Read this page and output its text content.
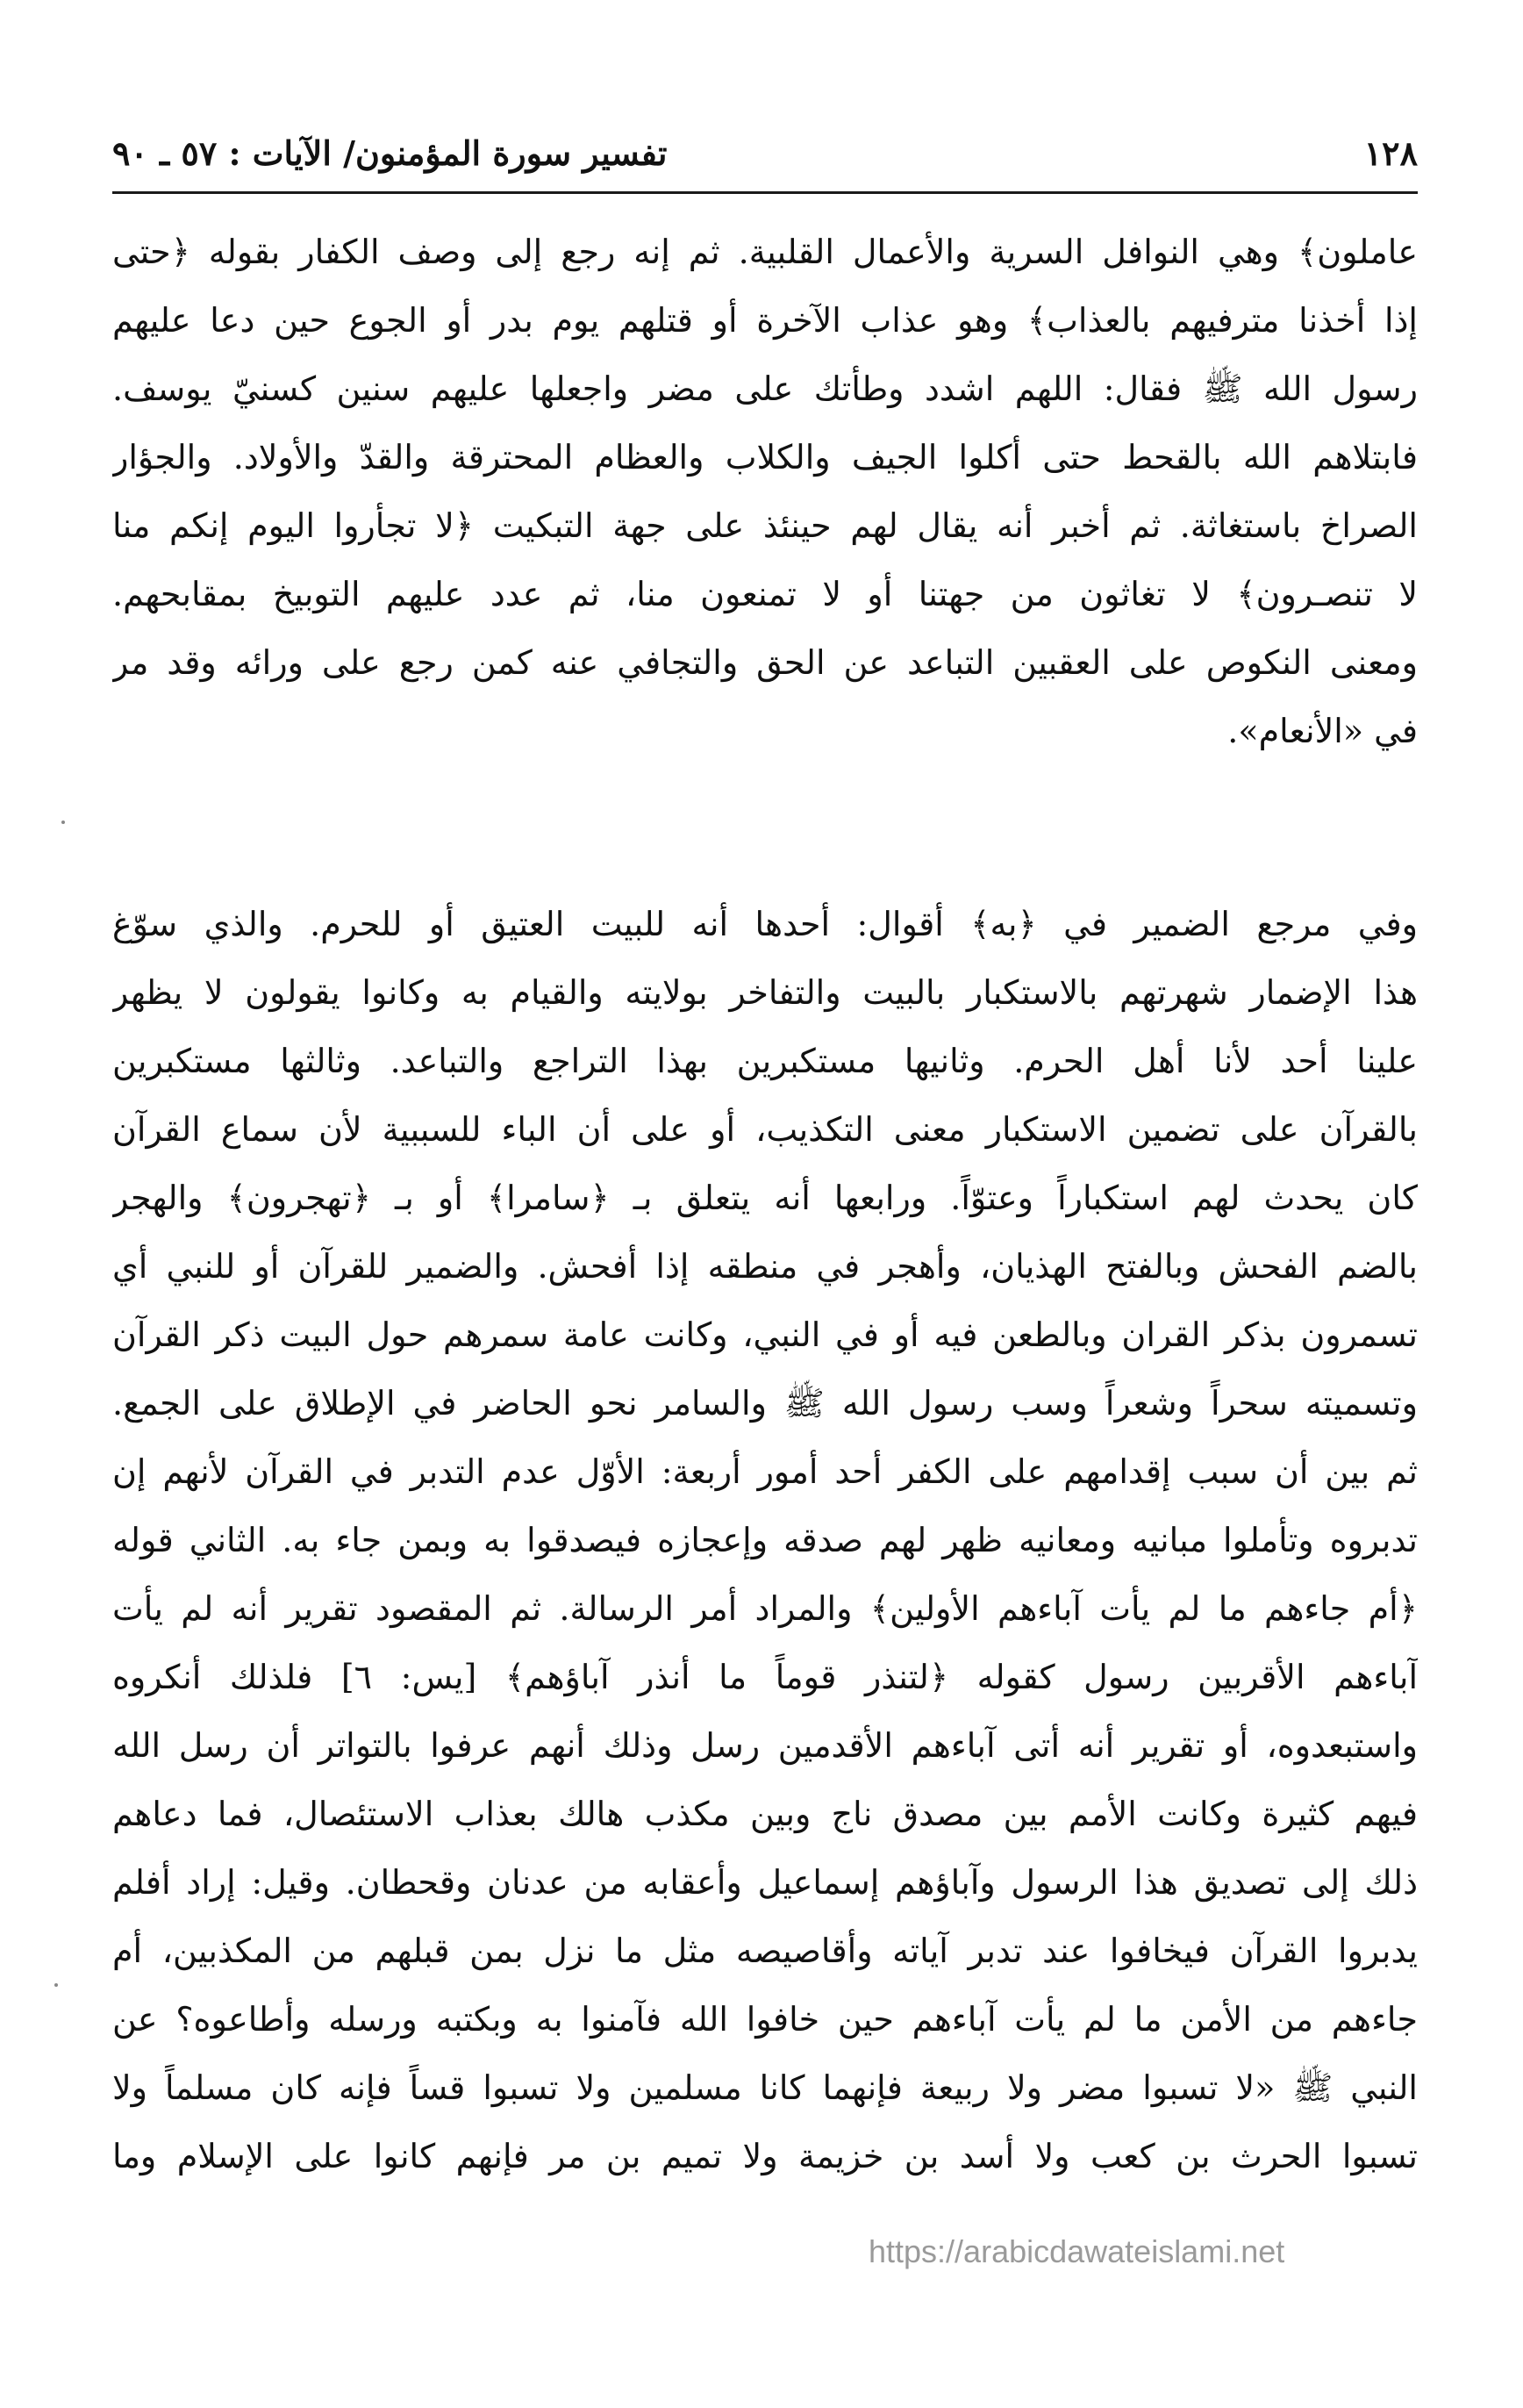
١٢٨
تفسير سورة المؤمنون/ الآيات : ٥٧ ـ ٩٠
عاملون﴾ وهي النوافل السرية والأعمال القلبية. ثم إنه رجع إلى وصف الكفار بقوله ﴿حتى
إذا أخذنا مترفيهم بالعذاب﴾ وهو عذاب الآخرة أو قتلهم يوم بدر أو الجوع حين دعا عليهم
رسول الله ﷺ فقال: اللهم اشدد وطأتك على مضر واجعلها عليهم سنين كسنيّ يوسف.
فابتلاهم الله بالقحط حتى أكلوا الجيف والكلاب والعظام المحترقة والقدّ والأولاد. والجؤار
الصراخ باستغاثة. ثم أخبر أنه يقال لهم حينئذ على جهة التبكيت ﴿لا تجأروا اليوم إنكم منا
لا تنصـرون﴾ لا تغاثون من جهتنا أو لا تمنعون منا، ثم عدد عليهم التوبيخ بمقابحهم.
ومعنى النكوص على العقبين التباعد عن الحق والتجافي عنه كمن رجع على ورائه وقد مر
في «الأنعام».
وفي مرجع الضمير في ﴿به﴾ أقوال: أحدها أنه للبيت العتيق أو للحرم. والذي سوّغ
هذا الإضمار شهرتهم بالاستكبار بالبيت والتفاخر بولايته والقيام به وكانوا يقولون لا يظهر
علينا أحد لأنا أهل الحرم. وثانيها مستكبرين بهذا التراجع والتباعد. وثالثها مستكبرين
بالقرآن على تضمين الاستكبار معنى التكذيب، أو على أن الباء للسببية لأن سماع القرآن
كان يحدث لهم استكباراً وعتوّاً. ورابعها أنه يتعلق بـ ﴿سامرا﴾ أو بـ ﴿تهجرون﴾ والهجر
بالضم الفحش وبالفتح الهذيان، وأهجر في منطقه إذا أفحش. والضمير للقرآن أو للنبي أي
تسمرون بذكر القران وبالطعن فيه أو في النبي، وكانت عامة سمرهم حول البيت ذكر القرآن
وتسميته سحراً وشعراً وسب رسول الله ﷺ والسامر نحو الحاضر في الإطلاق على الجمع.
ثم بين أن سبب إقدامهم على الكفر أحد أمور أربعة: الأوّل عدم التدبر في القرآن لأنهم إن
تدبروه وتأملوا مبانيه ومعانيه ظهر لهم صدقه وإعجازه فيصدقوا به وبمن جاء به. الثاني قوله
﴿أم جاءهم ما لم يأت آباءهم الأولين﴾ والمراد أمر الرسالة. ثم المقصود تقرير أنه لم يأت
آباءهم الأقربين رسول كقوله ﴿لتنذر قوماً ما أنذر آباؤهم﴾ [يس: ٦] فلذلك أنكروه
واستبعدوه، أو تقرير أنه أتى آباءهم الأقدمين رسل وذلك أنهم عرفوا بالتواتر أن رسل الله
فيهم كثيرة وكانت الأمم بين مصدق ناج وبين مكذب هالك بعذاب الاستئصال، فما دعاهم
ذلك إلى تصديق هذا الرسول وآباؤهم إسماعيل وأعقابه من عدنان وقحطان. وقيل: إراد أفلم
يدبروا القرآن فيخافوا عند تدبر آياته وأقاصيصه مثل ما نزل بمن قبلهم من المكذبين، أم
جاءهم من الأمن ما لم يأت آباءهم حين خافوا الله فآمنوا به وبكتبه ورسله وأطاعوه؟ عن
النبي ﷺ «لا تسبوا مضر ولا ربيعة فإنهما كانا مسلمين ولا تسبوا قساً فإنه كان مسلماً ولا
تسبوا الحرث بن كعب ولا أسد بن خزيمة ولا تميم بن مر فإنهم كانوا على الإسلام وما
https://arabicdawateislami.net
